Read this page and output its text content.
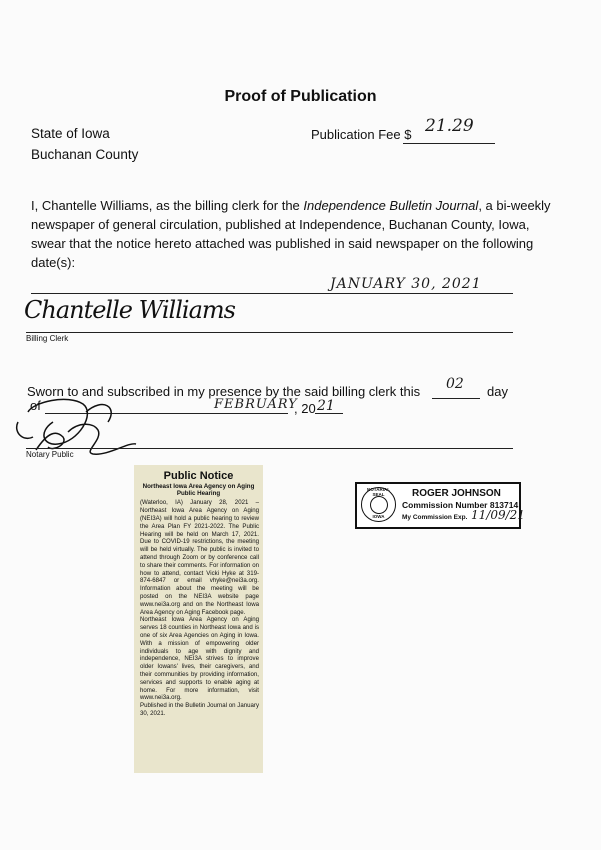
Proof of Publication
State of Iowa
Buchanan County
Publication Fee $ 21.29
I, Chantelle Williams, as the billing clerk for the Independence Bulletin Journal, a bi-weekly newspaper of general circulation, published at Independence, Buchanan County, Iowa, swear that the notice hereto attached was published in said newspaper on the following date(s):
JANUARY 30, 2021
Chantelle Williams
Billing Clerk
Sworn to and subscribed in my presence by the said billing clerk this 02 day
of	FEBRUARY
, 20 21
Notary Public
Public Notice
Northeast Iowa Area Agency on Aging Public Hearing
(Waterloo, IA) January 28, 2021 – Northeast Iowa Area Agency on Aging (NEI3A) will hold a public hearing to review the Area Plan FY 2021-2022. The Public Hearing will be held on March 17, 2021. Due to COVID-19 restrictions, the meeting will be held virtually. The public is invited to attend through Zoom or by conference call to share their comments. For information on how to attend, contact Vicki Hyke at 319-874-6847 or email vhyke@nei3a.org. Information about the meeting will be posted on the NEI3A website page www.nei3a.org and on the Northeast Iowa Area Agency on Aging Facebook page.
Northeast Iowa Area Agency on Aging serves 18 counties in Northeast Iowa and is one of six Area Agencies on Aging in Iowa. With a mission of empowering older individuals to age with dignity and independence, NEI3A strives to improve older Iowans' lives, their caregivers, and their communities by providing information, services and supports to enable aging at home. For more information, visit www.nei3a.org.
Published in the Bulletin Journal on January 30, 2021.
NOTARIAL SEAL
IOWA
ROGER JOHNSON
Commission Number 813714
My Commission Exp. 11/09/21
